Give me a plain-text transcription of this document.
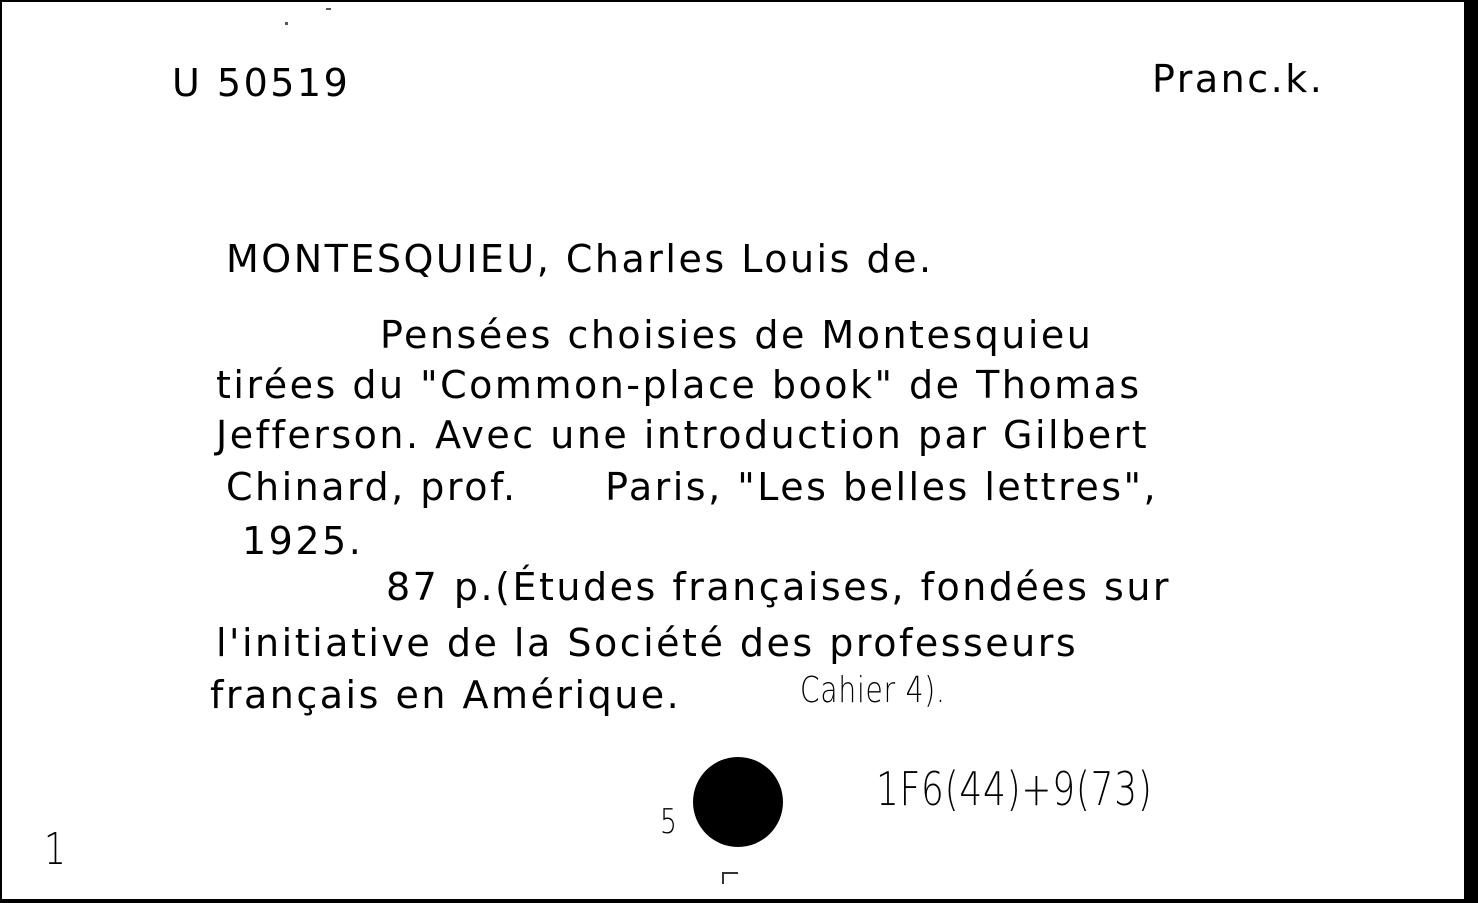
U 50519	Pranc.k.
MONTESQUIEU, Charles Louis de.
Pensées choisies de Montesquieu
tirées du "Common-place book" de Thomas
Jefferson. Avec une introduction par Gilbert
Chinard, prof.      Paris, "Les belles lettres",
1925.
87 p.(Études françaises, fondées sur
l'initiative de la Société des professeurs
français en Amérique.	Cahier 4).
5
1F6(44)+9(73)
1
